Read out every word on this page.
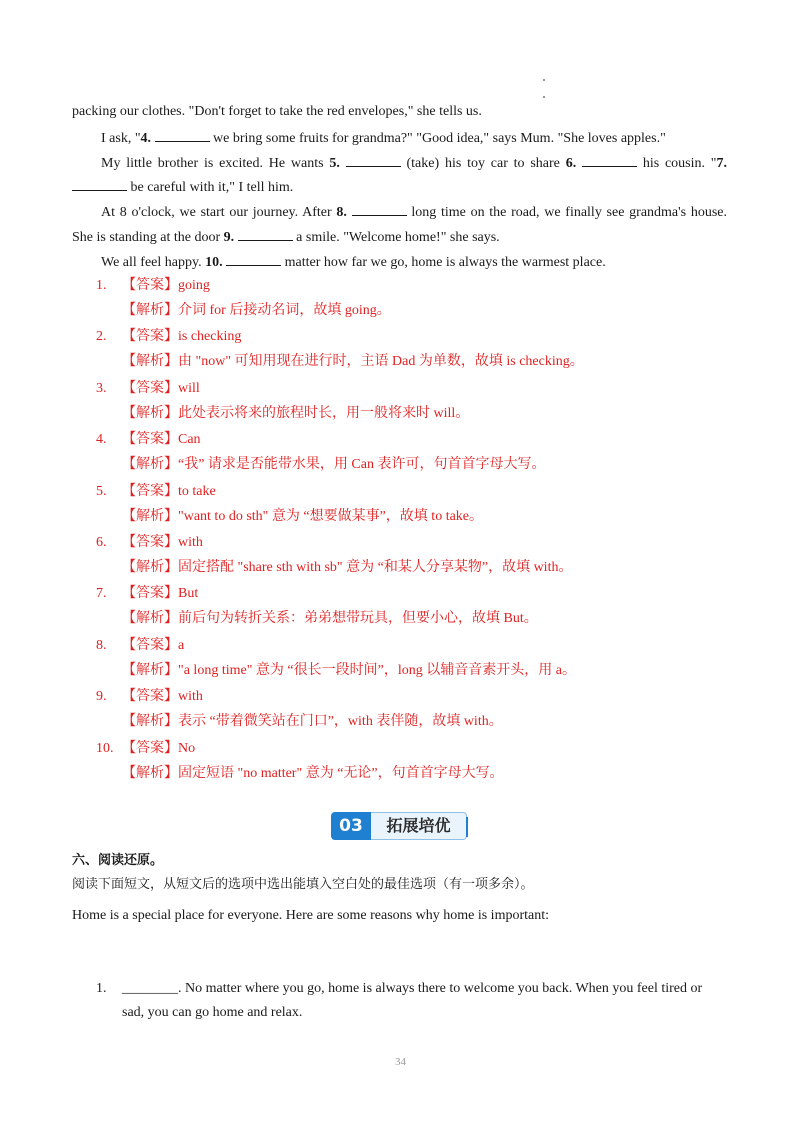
packing our clothes. "Don't forget to take the red envelopes," she tells us.
I ask, "4.	we bring some fruits for grandma?" "Good idea," says Mum. "She loves apples."
My little brother is excited. He wants 5.	(take) his toy car to share 6.	his cousin. "7.
be careful with it," I tell him.
At 8 o'clock, we start our journey. After 8.	long time on the road, we finally see grandma's house.
She is standing at the door 9.	a smile. "Welcome home!" she says.
We all feel happy. 10.	matter how far we go, home is always the warmest place.
1. 【答案】going
【解析】介词 for 后接动名词，故填 going。
2. 【答案】is checking
【解析】由 "now" 可知用现在进行时，主语 Dad 为单数，故填 is checking。
3. 【答案】will
【解析】此处表示将来的旅程时长，用一般将来时 will。
4. 【答案】Can
【解析】“我” 请求是否能带水果，用 Can 表许可，句首首字母大写。
5. 【答案】to take
【解析】"want to do sth" 意为 “想要做某事”，故填 to take。
6. 【答案】with
【解析】固定搭配 "share sth with sb" 意为 “和某人分享某物”，故填 with。
7. 【答案】But
【解析】前后句为转折关系：弟弟想带玩具，但要小心，故填 But。
8. 【答案】a
【解析】"a long time" 意为 “很长一段时间”，long 以辅音音素开头，用 a。
9. 【答案】with
【解析】表示 “带着微笑站在门口”，with 表伴随，故填 with。
10. 【答案】No
【解析】固定短语 "no matter" 意为 “无论”，句首首字母大写。
03	拓展培优
六、阅读还原。
阅读下面短文，从短文后的选项中选出能填入空白处的最佳选项（有一项多余）。
Home is a special place for everyone. Here are some reasons why home is important:
1. ________. No matter where you go, home is always there to welcome you back. When you feel tired or
sad, you can go home and relax.
34
